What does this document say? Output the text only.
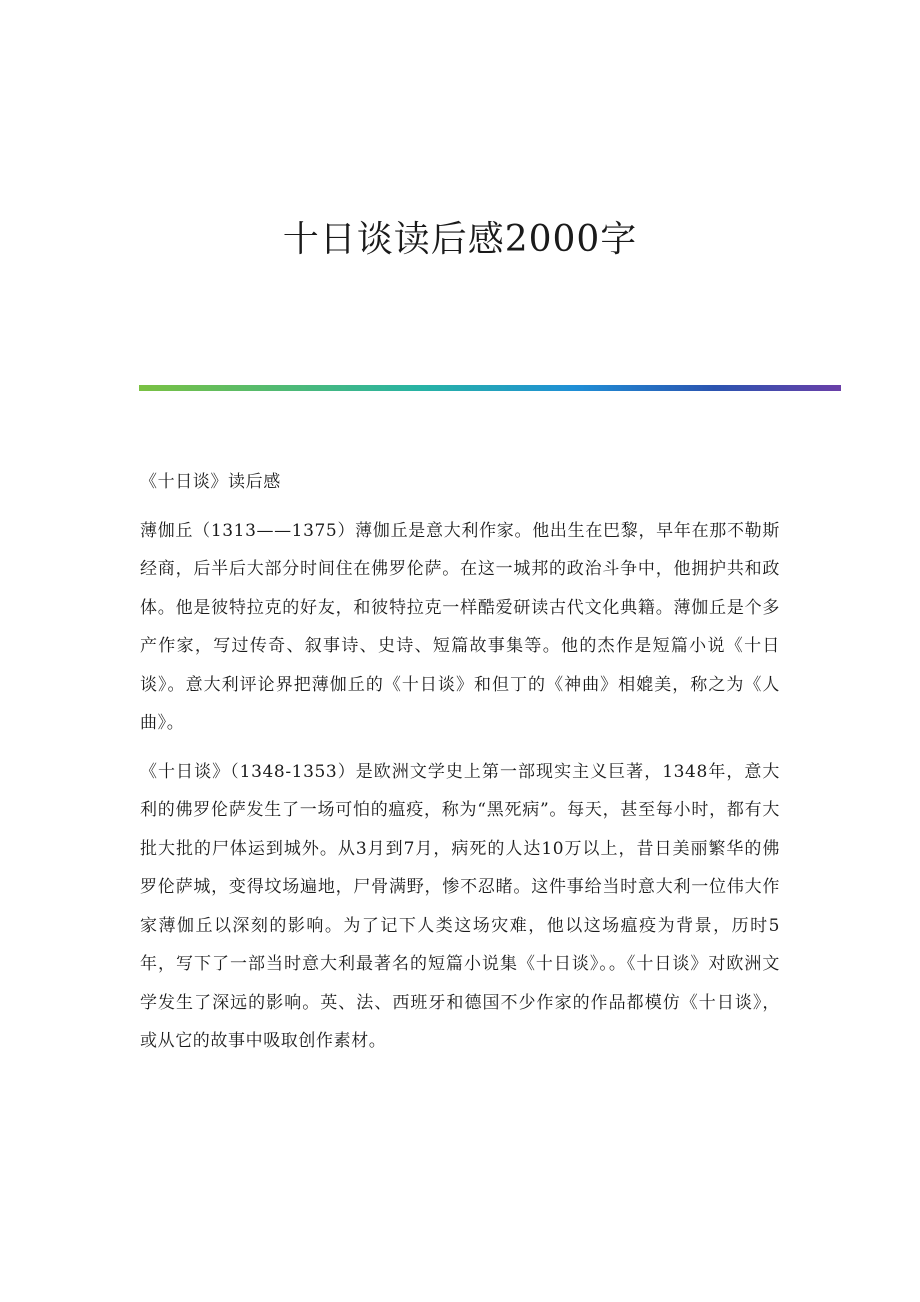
十日谈读后感2000字

《十日谈》读后感

薄伽丘（1313——1375）薄伽丘是意大利作家。他出生在巴黎，早年在那不勒斯经商，后半后大部分时间住在佛罗伦萨。在这一城邦的政治斗争中，他拥护共和政体。他是彼特拉克的好友，和彼特拉克一样酷爱研读古代文化典籍。薄伽丘是个多产作家，写过传奇、叙事诗、史诗、短篇故事集等。他的杰作是短篇小说《十日谈》。意大利评论界把薄伽丘的《十日谈》和但丁的《神曲》相媲美，称之为《人曲》。

《十日谈》（1348-1353）是欧洲文学史上第一部现实主义巨著，1348年，意大利的佛罗伦萨发生了一场可怕的瘟疫，称为“黑死病”。每天，甚至每小时，都有大批大批的尸体运到城外。从3月到7月，病死的人达10万以上，昔日美丽繁华的佛罗伦萨城，变得坟场遍地，尸骨满野，惨不忍睹。这件事给当时意大利一位伟大作家薄伽丘以深刻的影响。为了记下人类这场灾难，他以这场瘟疫为背景，历时5年，写下了一部当时意大利最著名的短篇小说集《十日谈》。。《十日谈》对欧洲文学发生了深远的影响。英、法、西班牙和德国不少作家的作品都模仿《十日谈》，或从它的故事中吸取创作素材。
